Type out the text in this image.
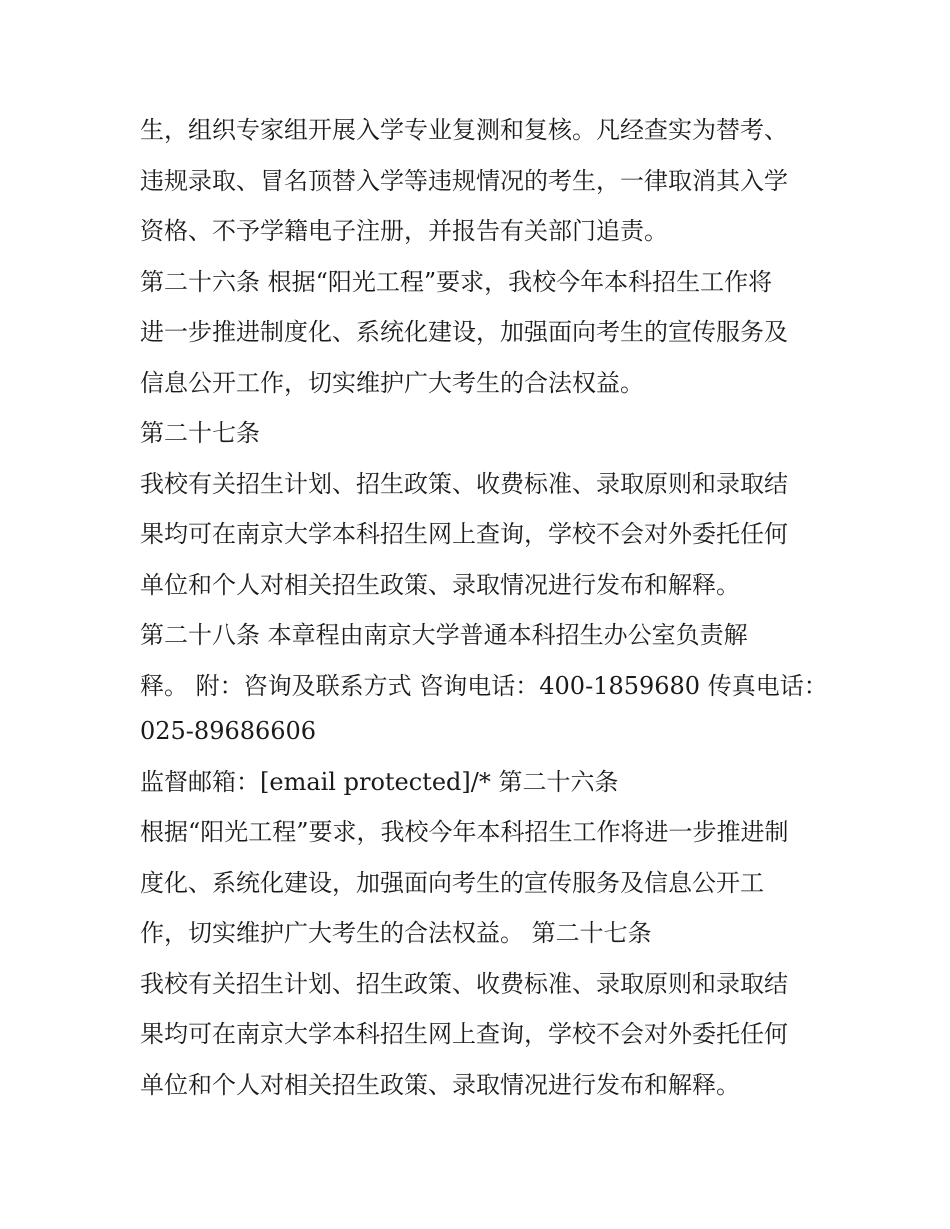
生，组织专家组开展入学专业复测和复核。凡经查实为替考、
违规录取、冒名顶替入学等违规情况的考生，一律取消其入学
资格、不予学籍电子注册，并报告有关部门追责。
第二十六条 根据“阳光工程”要求，我校今年本科招生工作将
进一步推进制度化、系统化建设，加强面向考生的宣传服务及
信息公开工作，切实维护广大考生的合法权益。
第二十七条
我校有关招生计划、招生政策、收费标准、录取原则和录取结
果均可在南京大学本科招生网上查询，学校不会对外委托任何
单位和个人对相关招生政策、录取情况进行发布和解释。
第二十八条 本章程由南京大学普通本科招生办公室负责解
释。 附：咨询及联系方式 咨询电话：400-1859680 传真电话：
025-89686606
监督邮箱：[email protected]/* 第二十六条
根据“阳光工程”要求，我校今年本科招生工作将进一步推进制
度化、系统化建设，加强面向考生的宣传服务及信息公开工
作，切实维护广大考生的合法权益。 第二十七条
我校有关招生计划、招生政策、收费标准、录取原则和录取结
果均可在南京大学本科招生网上查询，学校不会对外委托任何
单位和个人对相关招生政策、录取情况进行发布和解释。
